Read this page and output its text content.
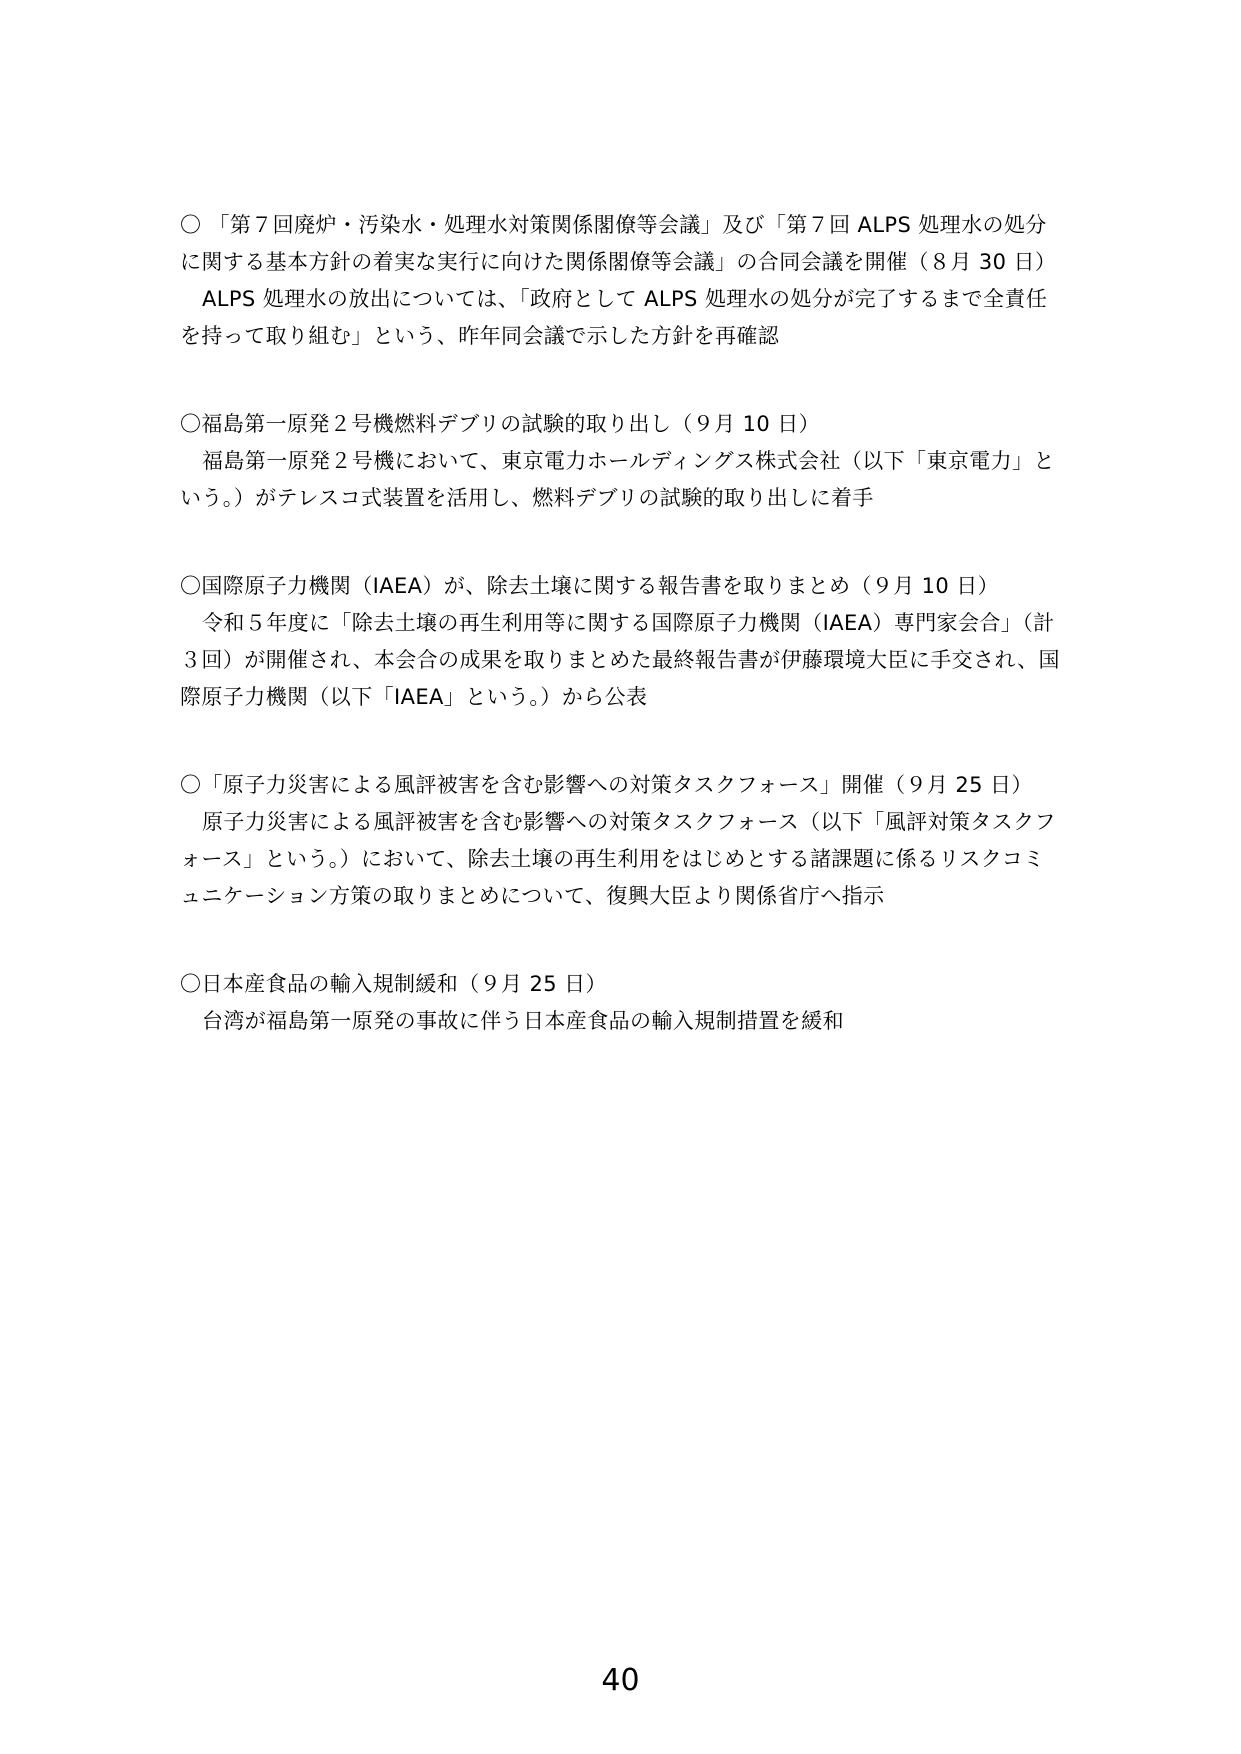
〇 「第７回廃炉・汚染水・処理水対策関係閣僚等会議」及び「第７回 ALPS 処理水の処分に関する基本方針の着実な実行に向けた関係閣僚等会議」の合同会議を開催（８月 30 日）

ALPS 処理水の放出については、「政府として ALPS 処理水の処分が完了するまで全責任を持って取り組む」という、昨年同会議で示した方針を再確認

〇福島第一原発２号機燃料デブリの試験的取り出し（９月 10 日）

福島第一原発２号機において、東京電力ホールディングス株式会社（以下「東京電力」という。）がテレスコ式装置を活用し、燃料デブリの試験的取り出しに着手

〇国際原子力機関（IAEA）が、除去土壌に関する報告書を取りまとめ（９月 10 日）

令和５年度に「除去土壌の再生利用等に関する国際原子力機関（IAEA）専門家会合」（計３回）が開催され、本会合の成果を取りまとめた最終報告書が伊藤環境大臣に手交され、国際原子力機関（以下「IAEA」という。）から公表

〇「原子力災害による風評被害を含む影響への対策タスクフォース」開催（９月 25 日）

原子力災害による風評被害を含む影響への対策タスクフォース（以下「風評対策タスクフォース」という。）において、除去土壌の再生利用をはじめとする諸課題に係るリスクコミュニケーション方策の取りまとめについて、復興大臣より関係省庁へ指示

〇日本産食品の輸入規制緩和（９月 25 日）

台湾が福島第一原発の事故に伴う日本産食品の輸入規制措置を緩和

40
